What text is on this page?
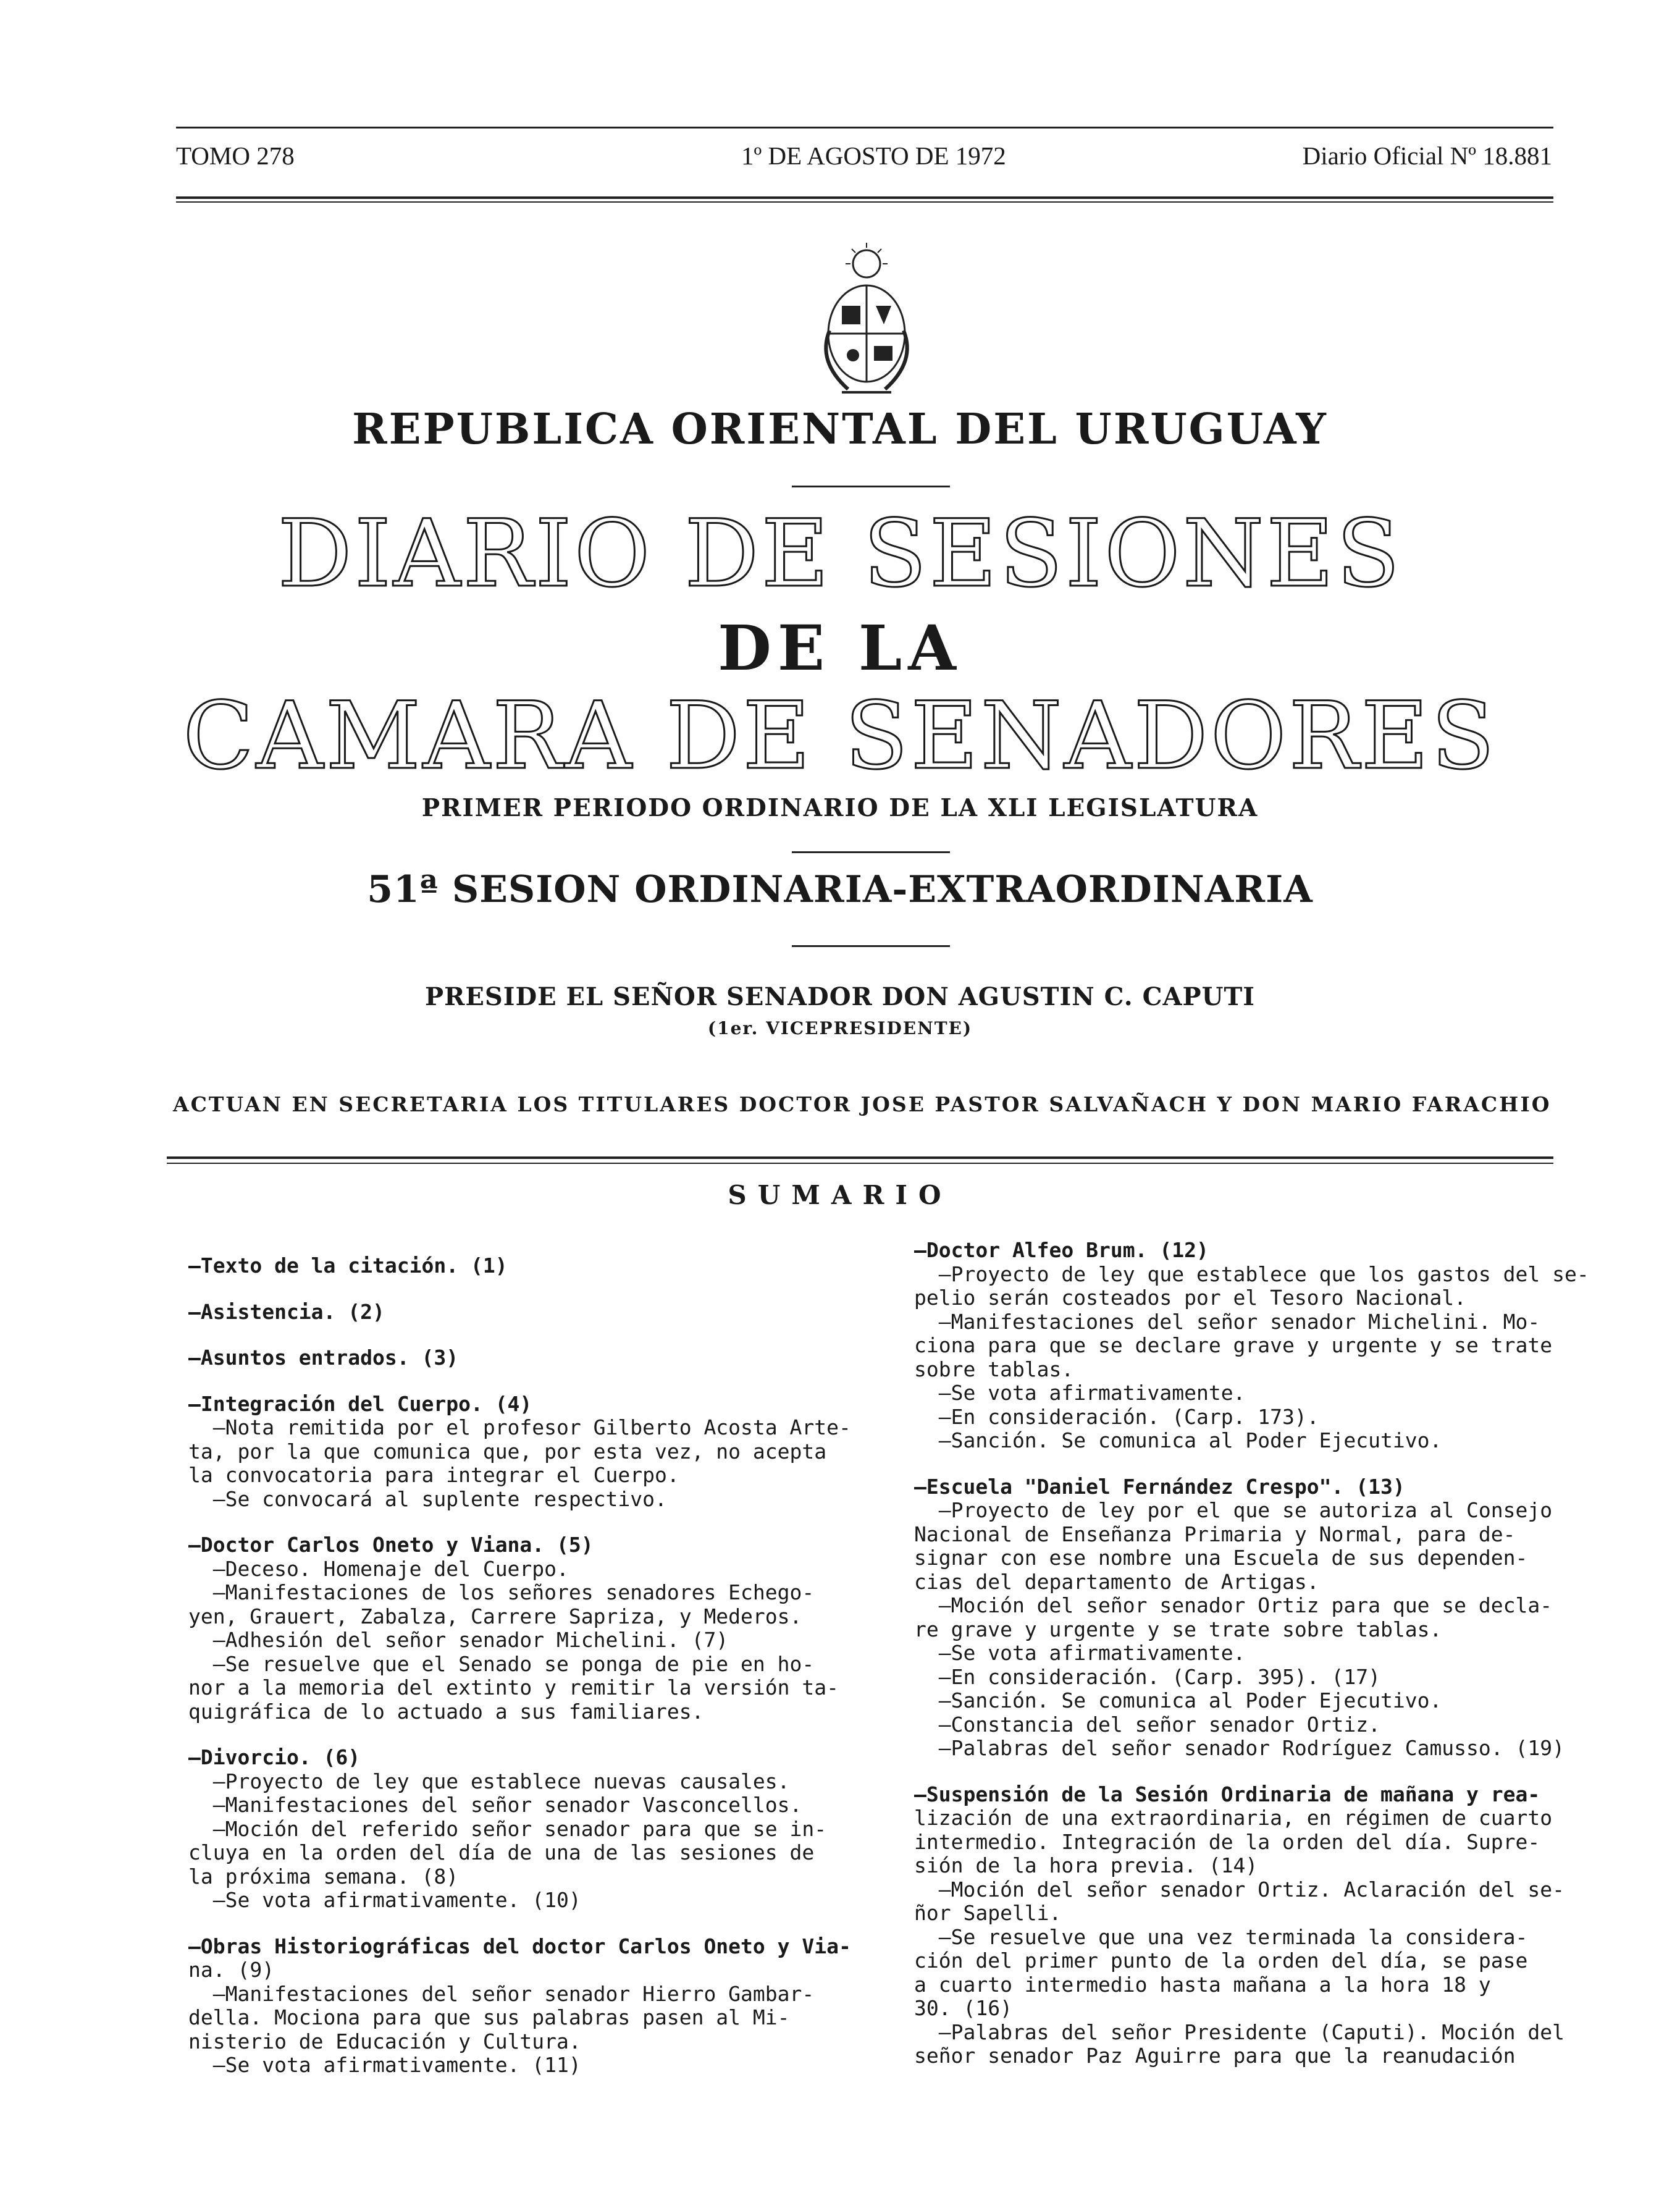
TOMO 278	1º DE AGOSTO DE 1972	Diario Oficial Nº 18.881
REPUBLICA ORIENTAL DEL URUGUAY
DIARIO DE SESIONES
DE LA
CAMARA DE SENADORES
PRIMER PERIODO ORDINARIO DE LA XLI LEGISLATURA
51ª SESION ORDINARIA-EXTRAORDINARIA
PRESIDE EL SEÑOR SENADOR DON AGUSTIN C. CAPUTI
(1er. VICEPRESIDENTE)
ACTUAN EN SECRETARIA LOS TITULARES DOCTOR JOSE PASTOR SALVAÑACH Y DON MARIO FARACHIO
SUMARIO
—Texto de la citación. (1)
—Asistencia. (2)
—Asuntos entrados. (3)
—Integración del Cuerpo. (4)
—Nota remitida por el profesor Gilberto Acosta Arte-
ta, por la que comunica que, por esta vez, no acepta
la convocatoria para integrar el Cuerpo.
—Se convocará al suplente respectivo.
—Doctor Carlos Oneto y Viana. (5)
—Deceso. Homenaje del Cuerpo.
—Manifestaciones de los señores senadores Echego-
yen, Grauert, Zabalza, Carrere Sapriza, y Mederos.
—Adhesión del señor senador Michelini. (7)
—Se resuelve que el Senado se ponga de pie en ho-
nor a la memoria del extinto y remitir la versión ta-
quigráfica de lo actuado a sus familiares.
—Divorcio. (6)
—Proyecto de ley que establece nuevas causales.
—Manifestaciones del señor senador Vasconcellos.
—Moción del referido señor senador para que se in-
cluya en la orden del día de una de las sesiones de
la próxima semana. (8)
—Se vota afirmativamente. (10)
—Obras Historiográficas del doctor Carlos Oneto y Via-
na. (9)
—Manifestaciones del señor senador Hierro Gambar-
della. Mociona para que sus palabras pasen al Mi-
nisterio de Educación y Cultura.
—Se vota afirmativamente. (11)
—Doctor Alfeo Brum. (12)
—Proyecto de ley que establece que los gastos del se-
pelio serán costeados por el Tesoro Nacional.
—Manifestaciones del señor senador Michelini. Mo-
ciona para que se declare grave y urgente y se trate
sobre tablas.
—Se vota afirmativamente.
—En consideración. (Carp. 173).
—Sanción. Se comunica al Poder Ejecutivo.
—Escuela "Daniel Fernández Crespo". (13)
—Proyecto de ley por el que se autoriza al Consejo
Nacional de Enseñanza Primaria y Normal, para de-
signar con ese nombre una Escuela de sus dependen-
cias del departamento de Artigas.
—Moción del señor senador Ortiz para que se decla-
re grave y urgente y se trate sobre tablas.
—Se vota afirmativamente.
—En consideración. (Carp. 395). (17)
—Sanción. Se comunica al Poder Ejecutivo.
—Constancia del señor senador Ortiz.
—Palabras del señor senador Rodríguez Camusso. (19)
—Suspensión de la Sesión Ordinaria de mañana y rea-
lización de una extraordinaria, en régimen de cuarto
intermedio. Integración de la orden del día. Supre-
sión de la hora previa. (14)
—Moción del señor senador Ortiz. Aclaración del se-
ñor Sapelli.
—Se resuelve que una vez terminada la considera-
ción del primer punto de la orden del día, se pase
a cuarto intermedio hasta mañana a la hora 18 y
30. (16)
—Palabras del señor Presidente (Caputi). Moción del
señor senador Paz Aguirre para que la reanudación
